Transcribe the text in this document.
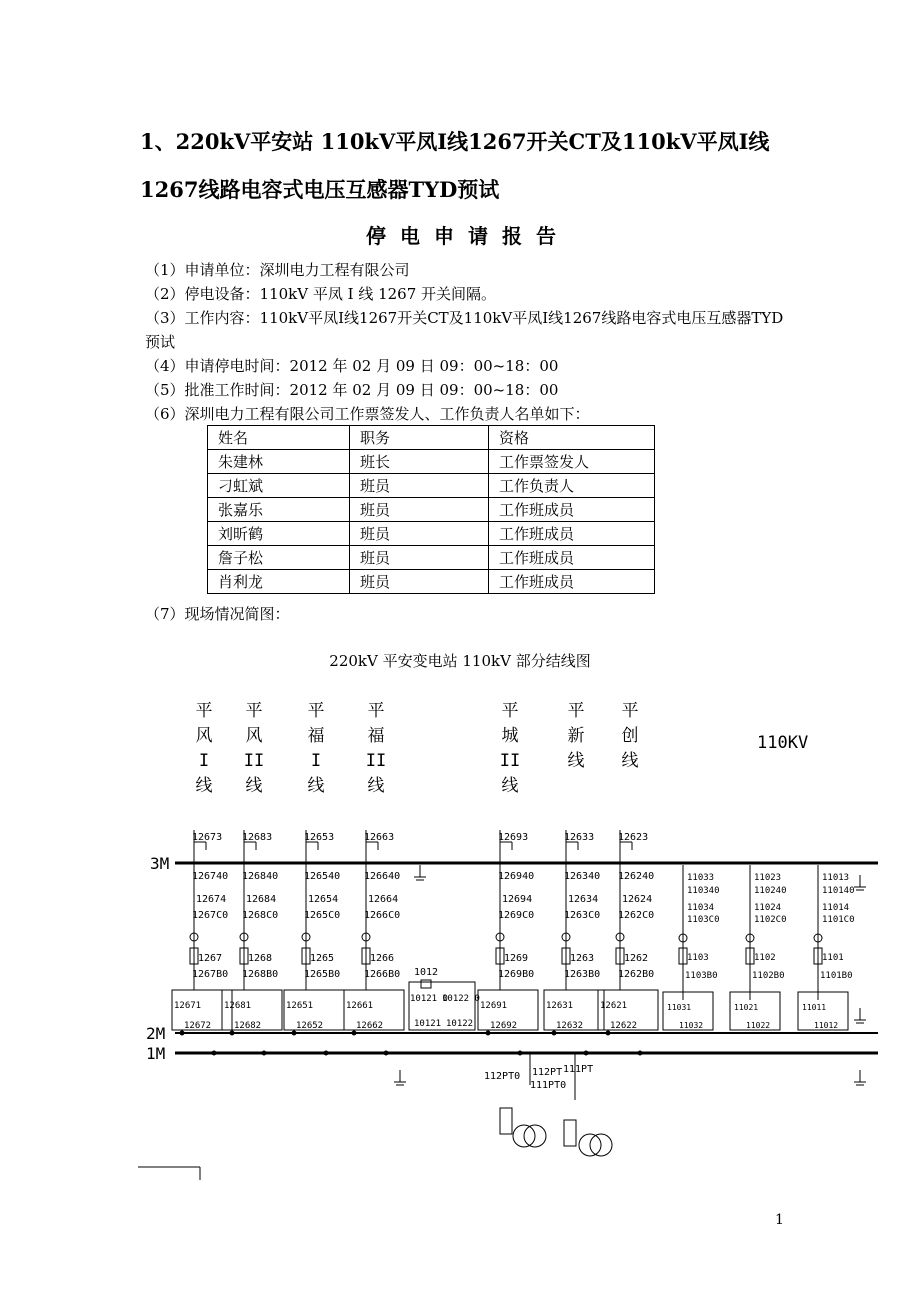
1、220kV平安站 110kV平凤I线1267开关CT及110kV平凤I线
1267线路电容式电压互感器TYD预试
停电申请报告
（1）申请单位：深圳电力工程有限公司
（2）停电设备：110kV 平凤 I 线 1267 开关间隔。
（3）工作内容：110kV平凤I线1267开关CT及110kV平凤I线1267线路电容式电压互感器TYD
预试
（4）申请停电时间：2012 年 02 月 09 日 09：00~18：00
（5）批准工作时间：2012 年 02 月 09 日 09：00~18：00
（6）深圳电力工程有限公司工作票签发人、工作负责人名单如下：
姓名	职务	资格
朱建林	班长	工作票签发人
刁虹斌	班员	工作负责人
张嘉乐	班员	工作班成员
刘昕鹤	班员	工作班成员
詹子松	班员	工作班成员
肖利龙	班员	工作班成员
（7）现场情况简图：
220kV 平安变电站 110kV 部分结线图
3M
2M
1M
110KV
平
风
I
线
12673
126740
12674
1267C0
1267
1267B0
12671
12672
平
风
II
线
12683
126840
12684
1268C0
1268
1268B0
12681
12682
平
福
I
线
12653
126540
12654
1265C0
1265
1265B0
12651
12652
平
福
II
线
12663
126640
12664
1266C0
1266
1266B0
12661
12662
平
城
II
线
12693
126940
12694
1269C0
1269
1269B0
12691
12692
平
新
线
12633
126340
12634
1263C0
1263
1263B0
12631
12632
平
创
线
12623
126240
12624
1262C0
1262
1262B0
12621
12622
11033
110340
11034
1103C0
1103
1103B0
11031
11032
11023
110240
11024
1102C0
1102
1102B0
11021
11022
11013
110140
11014
1101C0
1101
1101B0
11011
11012
1012
10121 0
10122 0
10121 10122
112PT0 112PT 111PT
111PT0
1
